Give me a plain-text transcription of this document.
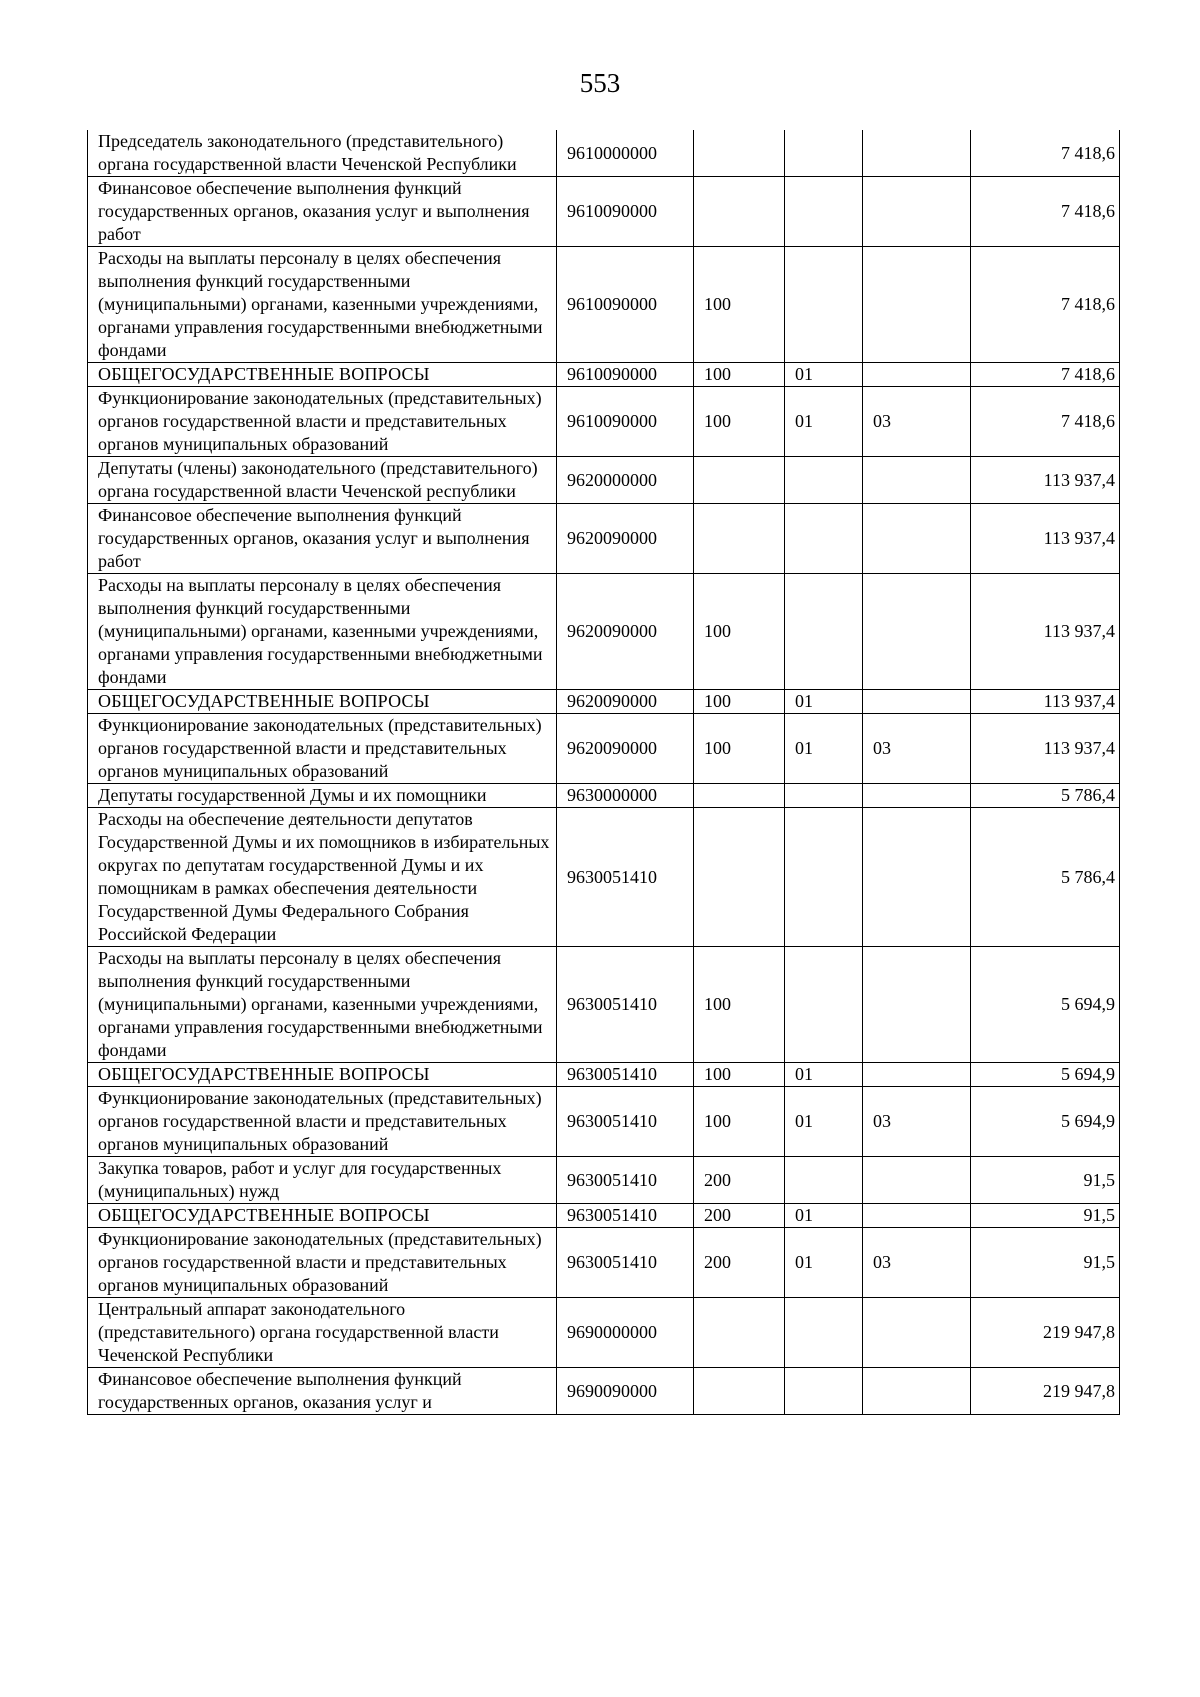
553
Председатель законодательного (представительного) органа государственной власти Чеченской Республики	9610000000				7 418,6
Финансовое обеспечение выполнения функций государственных органов, оказания услуг и выполнения работ	9610090000				7 418,6
Расходы на выплаты персоналу в целях обеспечения выполнения функций государственными (муниципальными) органами, казенными учреждениями, органами управления государственными внебюджетными фондами	9610090000	100			7 418,6
ОБЩЕГОСУДАРСТВЕННЫЕ ВОПРОСЫ	9610090000	100	01		7 418,6
Функционирование законодательных (представительных) органов государственной власти и представительных органов муниципальных образований	9610090000	100	01	03	7 418,6
Депутаты (члены) законодательного (представительного) органа государственной власти Чеченской республики	9620000000				113 937,4
Финансовое обеспечение выполнения функций государственных органов, оказания услуг и выполнения работ	9620090000				113 937,4
Расходы на выплаты персоналу в целях обеспечения выполнения функций государственными (муниципальными) органами, казенными учреждениями, органами управления государственными внебюджетными фондами	9620090000	100			113 937,4
ОБЩЕГОСУДАРСТВЕННЫЕ ВОПРОСЫ	9620090000	100	01		113 937,4
Функционирование законодательных (представительных) органов государственной власти и представительных органов муниципальных образований	9620090000	100	01	03	113 937,4
Депутаты государственной Думы и их помощники	9630000000				5 786,4
Расходы на обеспечение деятельности депутатов Государственной Думы и их помощников в избирательных округах по депутатам государственной Думы и их помощникам в рамках обеспечения деятельности Государственной Думы Федерального Собрания Российской Федерации	9630051410				5 786,4
Расходы на выплаты персоналу в целях обеспечения выполнения функций государственными (муниципальными) органами, казенными учреждениями, органами управления государственными внебюджетными фондами	9630051410	100			5 694,9
ОБЩЕГОСУДАРСТВЕННЫЕ ВОПРОСЫ	9630051410	100	01		5 694,9
Функционирование законодательных (представительных) органов государственной власти и представительных органов муниципальных образований	9630051410	100	01	03	5 694,9
Закупка товаров, работ и услуг для государственных (муниципальных) нужд	9630051410	200			91,5
ОБЩЕГОСУДАРСТВЕННЫЕ ВОПРОСЫ	9630051410	200	01		91,5
Функционирование законодательных (представительных) органов государственной власти и представительных органов муниципальных образований	9630051410	200	01	03	91,5
Центральный аппарат законодательного (представительного) органа государственной власти Чеченской Республики	9690000000				219 947,8
Финансовое обеспечение выполнения функций государственных органов, оказания услуг и	9690090000				219 947,8
